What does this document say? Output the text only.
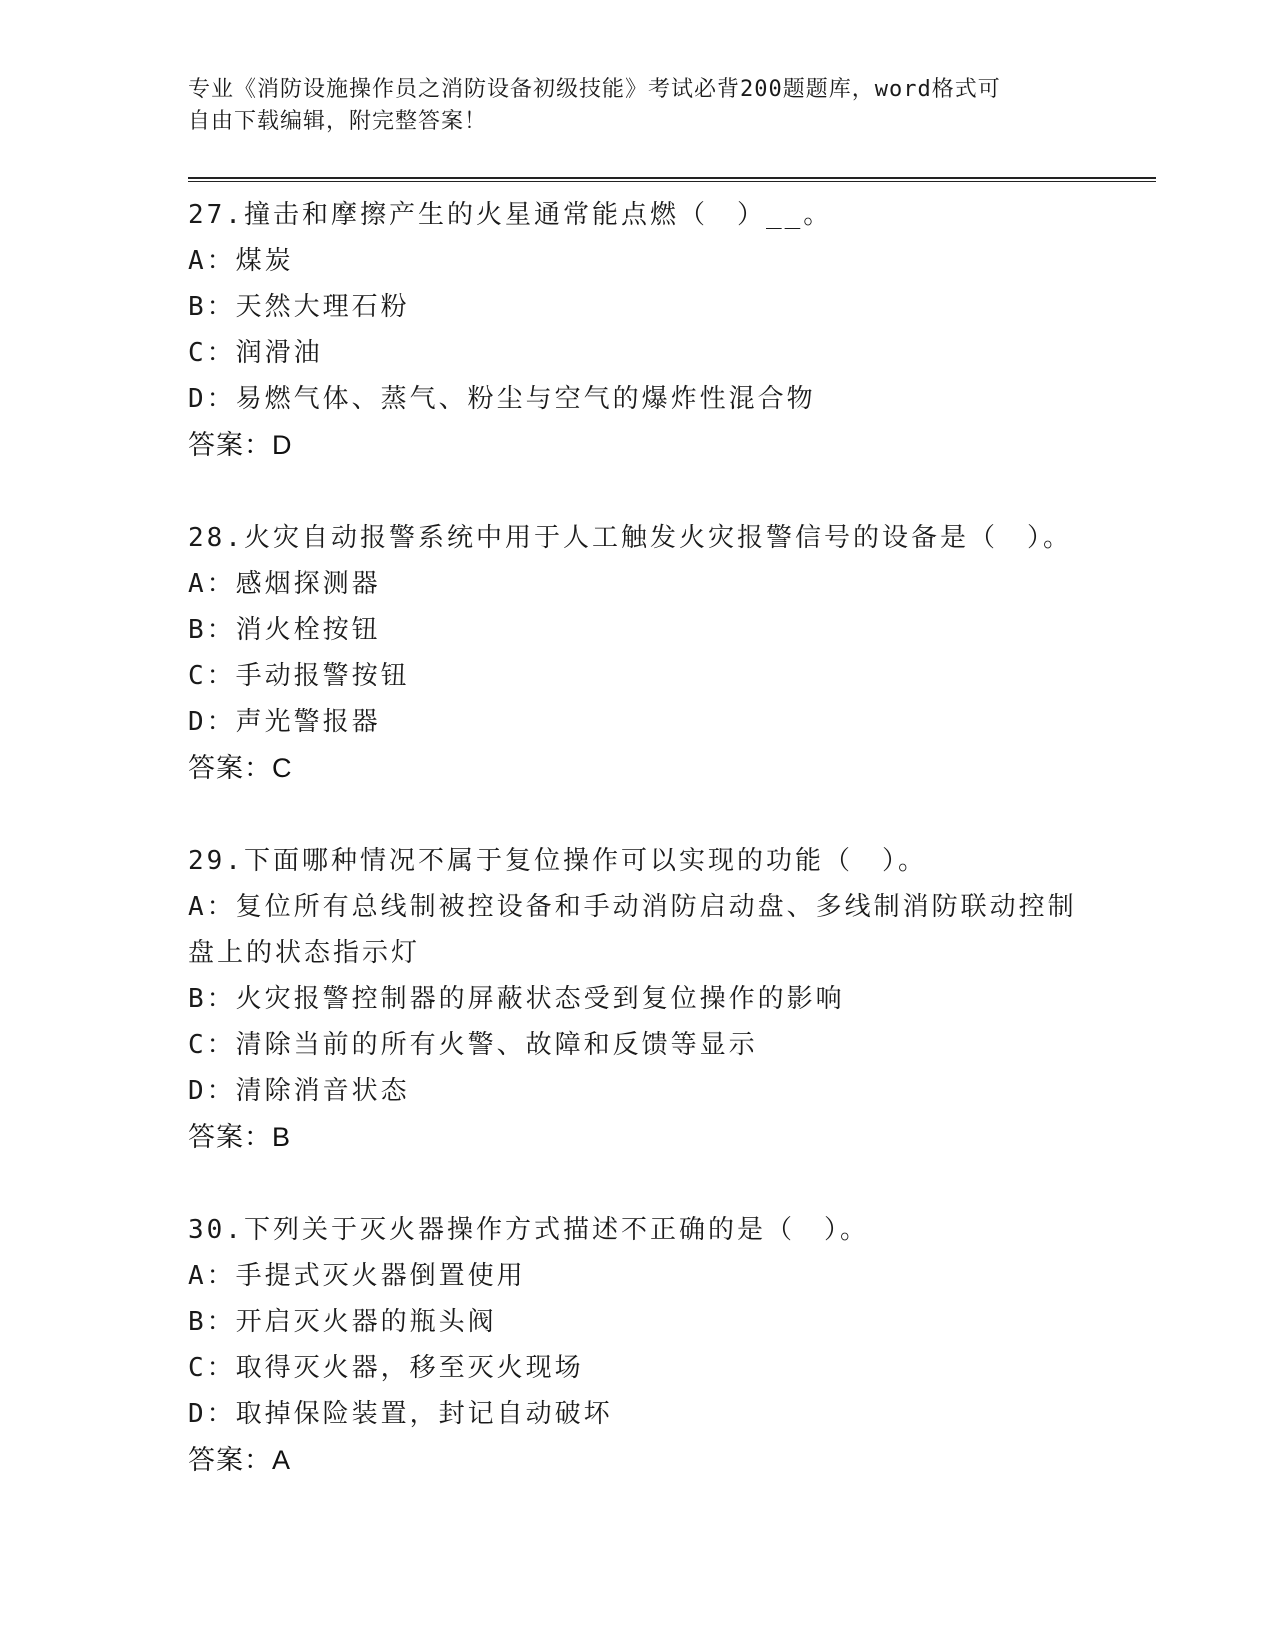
专业《消防设施操作员之消防设备初级技能》考试必背200题题库，word格式可
自由下载编辑，附完整答案！
27.撞击和摩擦产生的火星通常能点燃（　）__。
A：煤炭
B：天然大理石粉
C：润滑油
D：易燃气体、蒸气、粉尘与空气的爆炸性混合物
答案：D
28.火灾自动报警系统中用于人工触发火灾报警信号的设备是（　）。
A：感烟探测器
B：消火栓按钮
C：手动报警按钮
D：声光警报器
答案：C
29.下面哪种情况不属于复位操作可以实现的功能（　）。
A：复位所有总线制被控设备和手动消防启动盘、多线制消防联动控制盘上的状态指示灯
B：火灾报警控制器的屏蔽状态受到复位操作的影响
C：清除当前的所有火警、故障和反馈等显示
D：清除消音状态
答案：B
30.下列关于灭火器操作方式描述不正确的是（　）。
A：手提式灭火器倒置使用
B：开启灭火器的瓶头阀
C：取得灭火器，移至灭火现场
D：取掉保险装置，封记自动破坏
答案：A
